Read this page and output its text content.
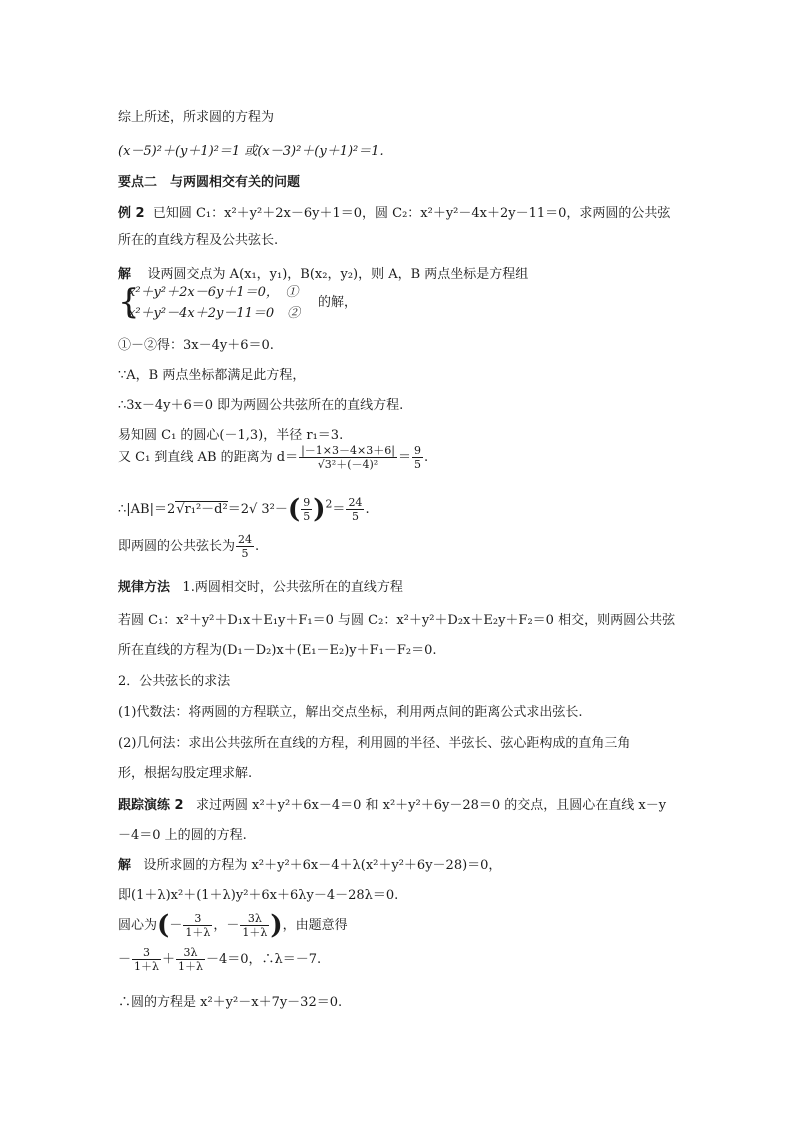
综上所述，所求圆的方程为
(x－5)²＋(y＋1)²＝1 或(x－3)²＋(y＋1)²＝1.
要点二　与两圆相交有关的问题
例 2 已知圆 C₁：x²＋y²＋2x－6y＋1＝0，圆 C₂：x²＋y²－4x＋2y－11＝0，求两圆的公共弦
所在的直线方程及公共弦长.
解 设两圆交点为 A(x₁，y₁)，B(x₂，y₂)，则 A，B 两点坐标是方程组
{
x²＋y²＋2x－6y＋1＝0，　①
x²＋y²－4x＋2y－11＝0　②
的解，
①－②得：3x－4y＋6＝0.
∵A，B 两点坐标都满足此方程，
∴3x－4y＋6＝0 即为两圆公共弦所在的直线方程.
易知圆 C₁ 的圆心(－1,3)，半径 r₁＝3.
又 C₁ 到直线 AB 的距离为 $d= \frac{|-1\times 3-4\times 3+6|}{\text{√3²＋(－4)²}} = \frac{9}{5}$ .
∴|AB|＝2√r₁²－d²＝2√ $3^2-( \frac{9}{5} )^2= \frac{24}{5}$ .
即两圆的公共弦长为 $\frac{24}{5}$ .
规律方法 1.两圆相交时，公共弦所在的直线方程
若圆 C₁：x²＋y²＋D₁x＋E₁y＋F₁＝0 与圆 C₂：x²＋y²＋D₂x＋E₂y＋F₂＝0 相交，则两圆公共弦
所在直线的方程为(D₁－D₂)x＋(E₁－E₂)y＋F₁－F₂＝0.
2．公共弦长的求法
(1)代数法：将两圆的方程联立，解出交点坐标，利用两点间的距离公式求出弦长.
(2)几何法：求出公共弦所在直线的方程，利用圆的半径、半弦长、弦心距构成的直角三角
形，根据勾股定理求解.
跟踪演练 2 求过两圆 x²＋y²＋6x－4＝0 和 x²＋y²＋6y－28＝0 的交点，且圆心在直线 x－y
－4＝0 上的圆的方程.
解 设所求圆的方程为 x²＋y²＋6x－4＋λ(x²＋y²＋6y－28)＝0，
即(1＋λ)x²＋(1＋λ)y²＋6x＋6λy－4－28λ＝0.
圆心为(－ $\frac{3}{1+\lambda}$ ，－ $\frac{3\lambda}{1+\lambda}$ )，由题意得
－ $\frac{3}{1+\lambda} + \frac{3\lambda}{1+\lambda} -4=0$，∴λ＝－7.
∴圆的方程是 x²＋y²－x＋7y－32＝0.
